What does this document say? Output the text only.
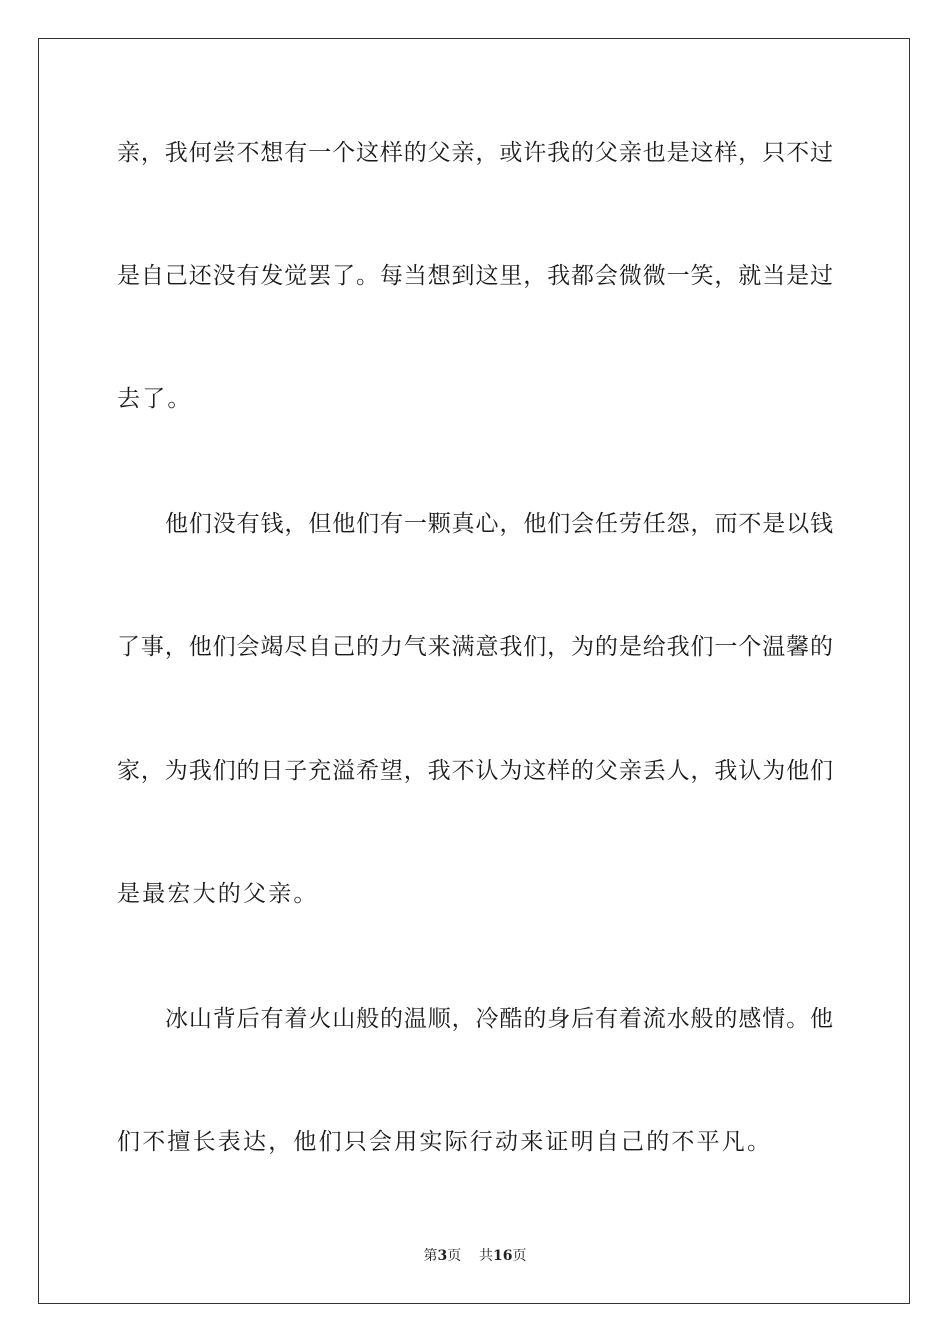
亲，我何尝不想有一个这样的父亲，或许我的父亲也是这样，只不过
是自己还没有发觉罢了。每当想到这里，我都会微微一笑，就当是过
去了。
他们没有钱，但他们有一颗真心，他们会任劳任怨，而不是以钱
了事，他们会竭尽自己的力气来满意我们，为的是给我们一个温馨的
家，为我们的日子充溢希望，我不认为这样的父亲丢人，我认为他们
是最宏大的父亲。
冰山背后有着火山般的温顺，冷酷的身后有着流水般的感情。他
们不擅长表达，他们只会用实际行动来证明自己的不平凡。
第3页 共16页
